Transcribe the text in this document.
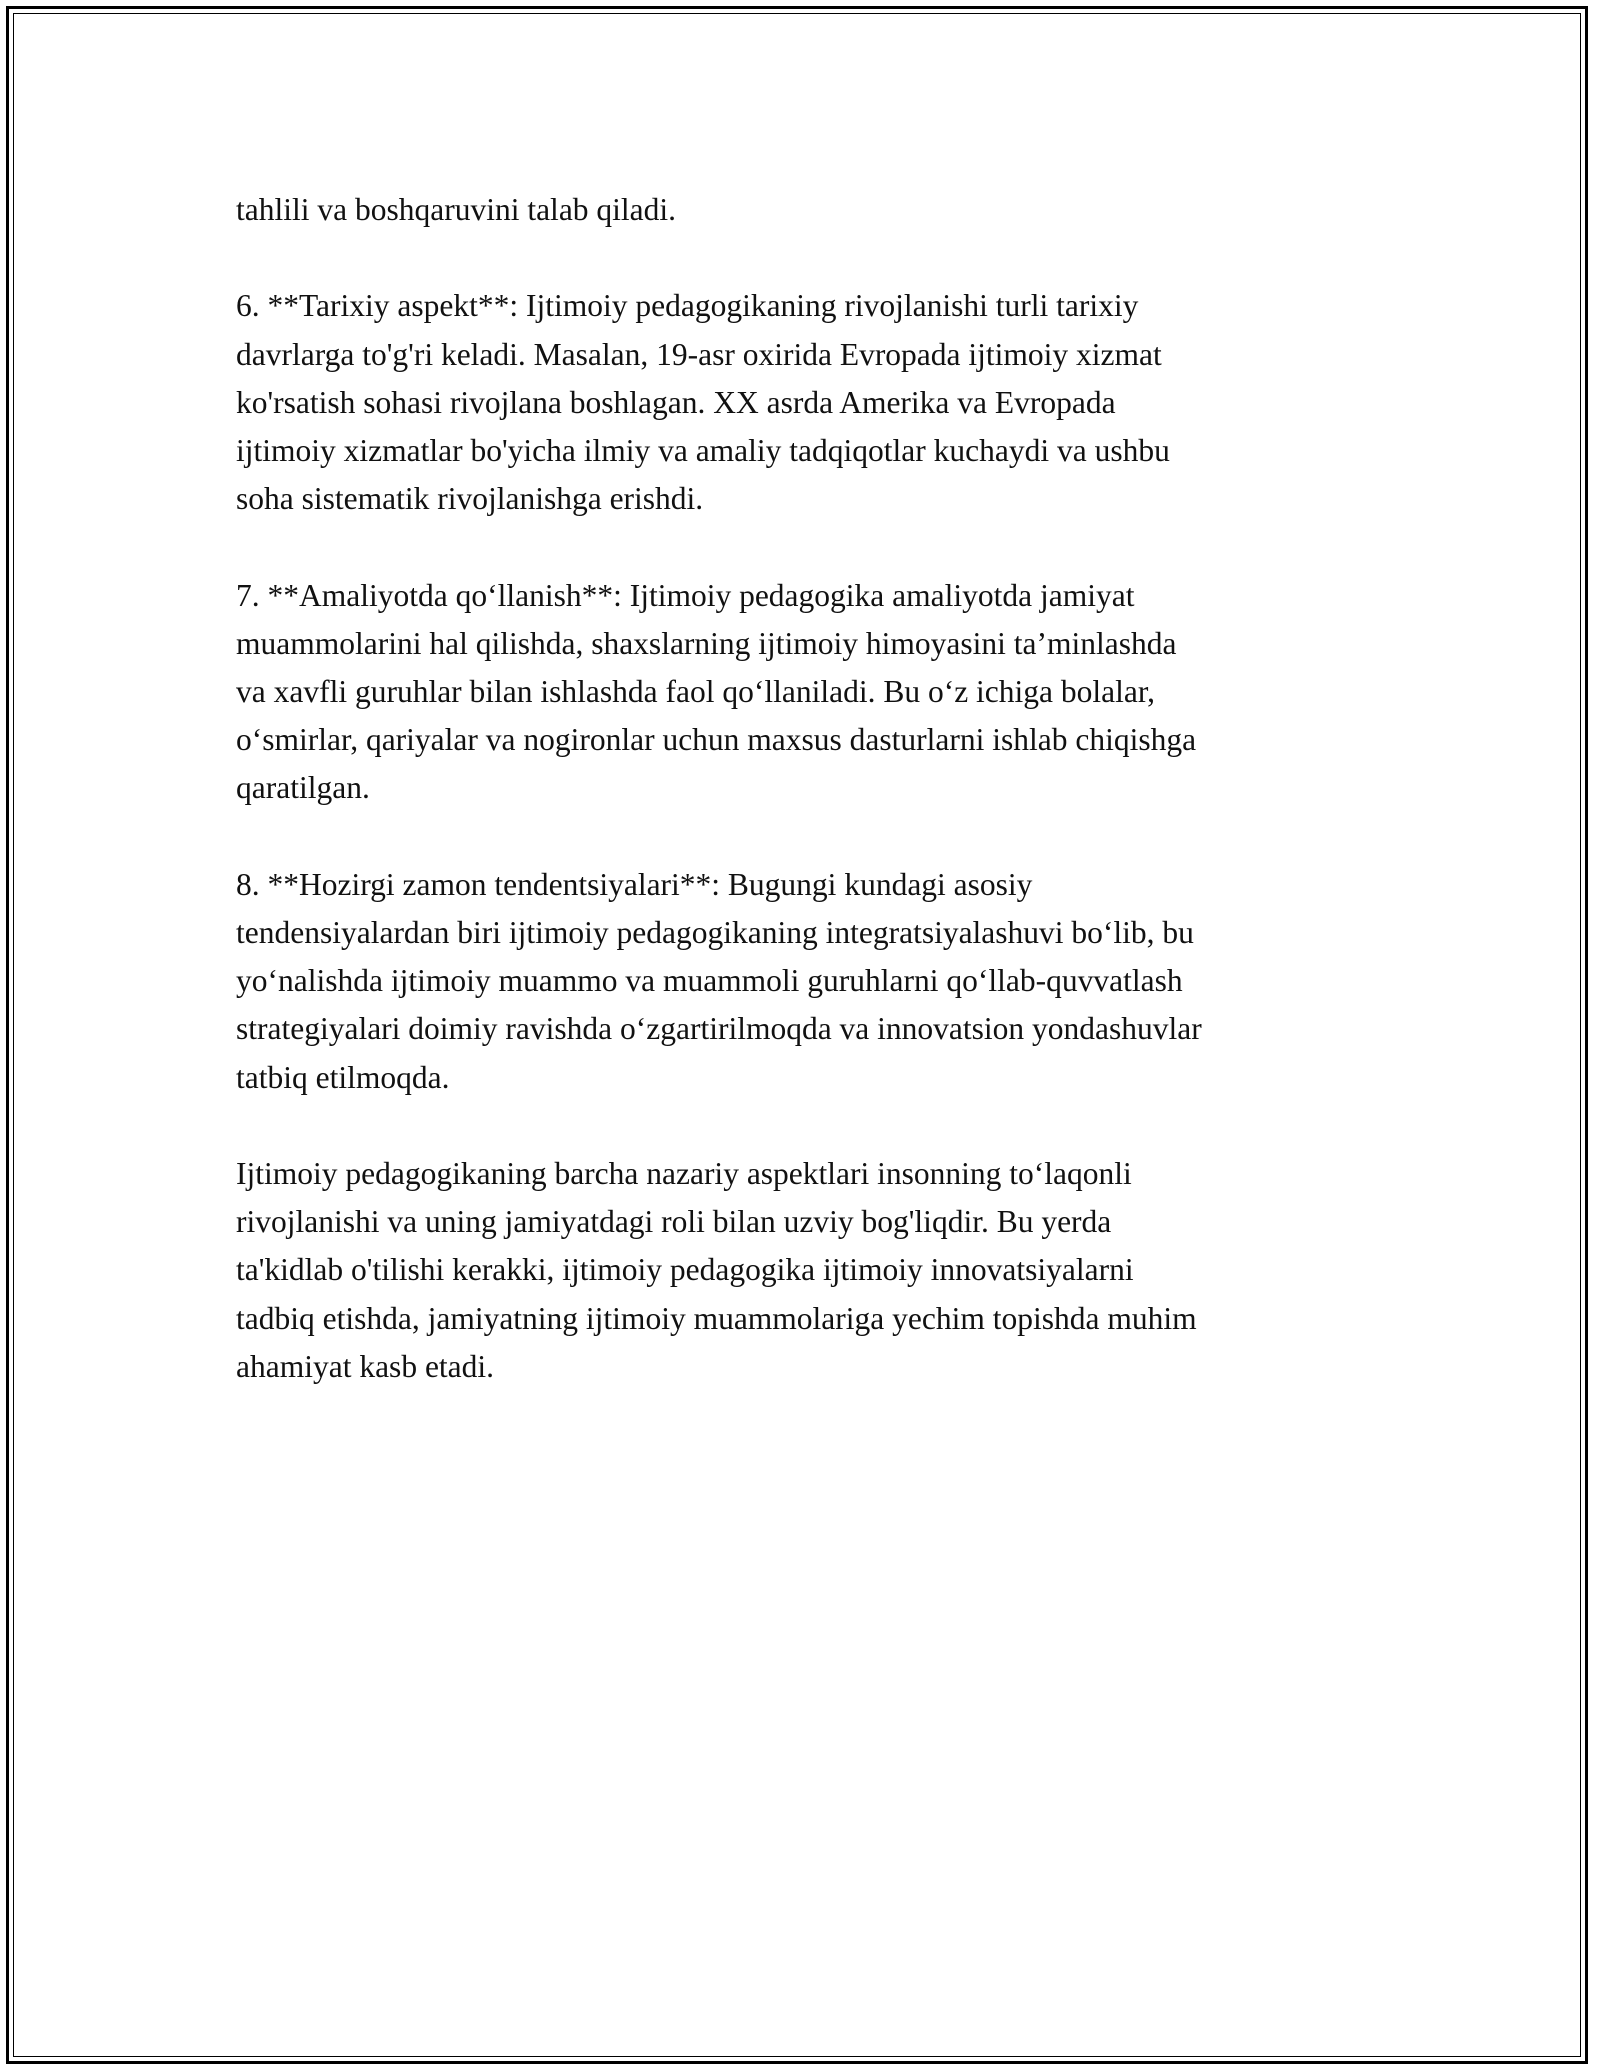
tahlili va boshqaruvini talab qiladi.

6. **Tarixiy aspekt**: Ijtimoiy pedagogikaning rivojlanishi turli tarixiy
davrlarga to'g'ri keladi. Masalan, 19-asr oxirida Evropada ijtimoiy xizmat
ko'rsatish sohasi rivojlana boshlagan. XX asrda Amerika va Evropada
ijtimoiy xizmatlar bo'yicha ilmiy va amaliy tadqiqotlar kuchaydi va ushbu
soha sistematik rivojlanishga erishdi.

7. **Amaliyotda qo‘llanish**: Ijtimoiy pedagogika amaliyotda jamiyat
muammolarini hal qilishda, shaxslarning ijtimoiy himoyasini ta’minlashda
va xavfli guruhlar bilan ishlashda faol qo‘llaniladi. Bu o‘z ichiga bolalar,
o‘smirlar, qariyalar va nogironlar uchun maxsus dasturlarni ishlab chiqishga
qaratilgan.

8. **Hozirgi zamon tendentsiyalari**: Bugungi kundagi asosiy
tendensiyalardan biri ijtimoiy pedagogikaning integratsiyalashuvi bo‘lib, bu
yo‘nalishda ijtimoiy muammo va muammoli guruhlarni qo‘llab-quvvatlash
strategiyalari doimiy ravishda o‘zgartirilmoqda va innovatsion yondashuvlar
tatbiq etilmoqda.

Ijtimoiy pedagogikaning barcha nazariy aspektlari insonning to‘laqonli
rivojlanishi va uning jamiyatdagi roli bilan uzviy bog'liqdir. Bu yerda
ta'kidlab o'tilishi kerakki, ijtimoiy pedagogika ijtimoiy innovatsiyalarni
tadbiq etishda, jamiyatning ijtimoiy muammolariga yechim topishda muhim
ahamiyat kasb etadi.
